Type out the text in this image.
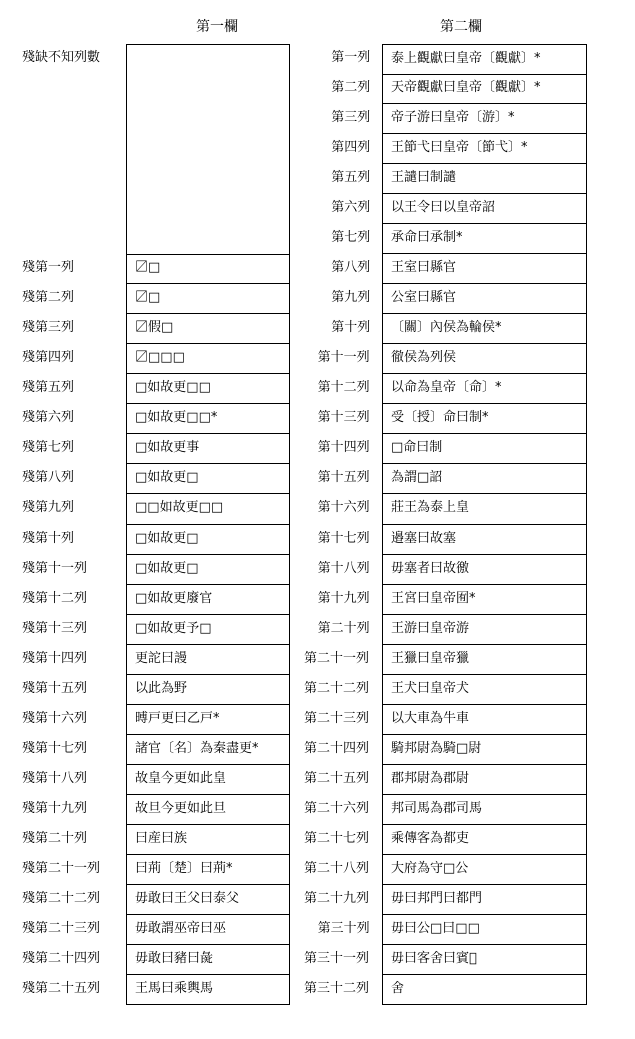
第一欄	第二欄
殘缺不知列數
〼□
殘第一列
〼□
殘第二列
〼假□
殘第三列
〼□□□
殘第四列
□如故更□□
殘第五列
□如故更□□*
殘第六列
□如故更事
殘第七列
□如故更□
殘第八列
□□如故更□□
殘第九列
□如故更□
殘第十列
□如故更□
殘第十一列
□如故更廢官
殘第十二列
□如故更予□
殘第十三列
更詑曰謾
殘第十四列
以此為野
殘第十五列
㬍戸更曰乙戸*
殘第十六列
諸官〔名〕為秦盡更*
殘第十七列
故皇今更如此皇
殘第十八列
故旦今更如此旦
殘第十九列
曰産曰族
殘第二十列
曰荊〔楚〕曰荊*
殘第二十一列
毋敢曰王父曰泰父
殘第二十二列
毋敢謂巫帝曰巫
殘第二十三列
毋敢曰豬曰彘
殘第二十四列
王馬曰乘輿馬
殘第二十五列
泰上觀獻曰皇帝〔觀獻〕*
第一列
天帝觀獻曰皇帝〔觀獻〕*
第二列
帝子游曰皇帝〔游〕*
第三列
王節弋曰皇帝〔節弋〕*
第四列
王譴曰制譴
第五列
以王令曰以皇帝詔
第六列
承命曰承制*
第七列
王室曰縣官
第八列
公室曰縣官
第九列
〔關〕內侯為輪侯*
第十列
徹侯為列侯
第十一列
以命為皇帝〔命〕*
第十二列
受〔授〕命曰制*
第十三列
□命曰制
第十四列
為謂□詔
第十五列
莊王為泰上皇
第十六列
邉塞曰故塞
第十七列
毋塞者曰故徼
第十八列
王宮曰皇帝囿*
第十九列
王游曰皇帝游
第二十列
王獵曰皇帝獵
第二十一列
王犬曰皇帝犬
第二十二列
以大車為牛車
第二十三列
騎邦尉為騎□尉
第二十四列
郡邦尉為郡尉
第二十五列
邦司馬為郡司馬
第二十六列
乘傳客為都吏
第二十七列
大府為守□公
第二十八列
毋曰邦門曰都門
第二十九列
毋曰公□曰□□
第三十列
毋曰客舍曰賓𩠋
第三十一列
舍
第三十二列
